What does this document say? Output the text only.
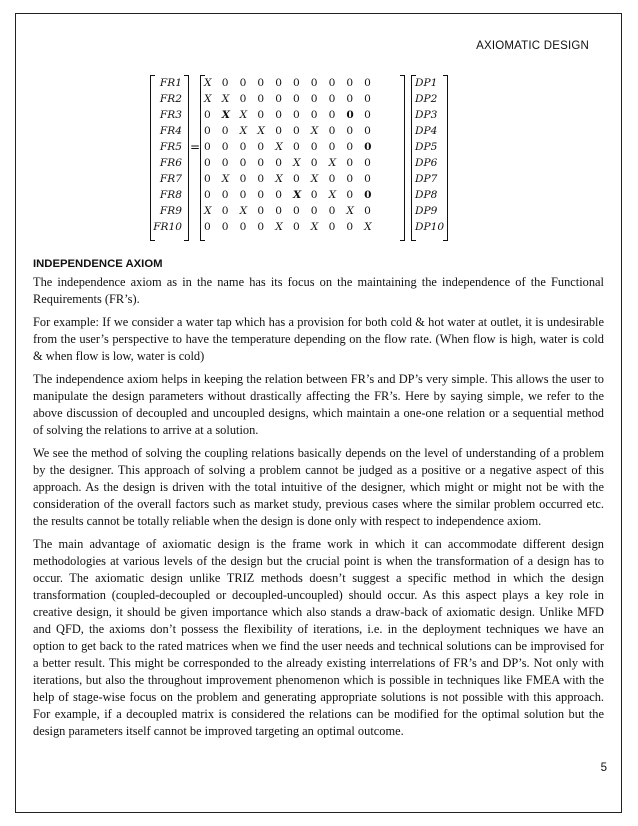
AXIOMATIC DESIGN
FR1
FR2
FR3
FR4
FR5
FR6
FR7
FR8
FR9
FR10
=
X 0 0 0 0 0 0 0 0 0
X X 0 0 0 0 0 0 0 0
0 X X 0 0 0 0 0 0 0
0 0 X X 0 0 X 0 0 0
0 0 0 0 X 0 0 0 0 0
0 0 0 0 0 X 0 X 0 0
0 X 0 0 X 0 X 0 0 0
0 0 0 0 0 X 0 X 0 0
X 0 X 0 0 0 0 0 X 0
0 0 0 0 X 0 X 0 0 X
DP1
DP2
DP3
DP4
DP5
DP6
DP7
DP8
DP9
DP10
INDEPENDENCE AXIOM

The independence axiom as in the name has its focus on the maintaining the independence of the Functional Requirements (FR’s).

For example: If we consider a water tap which has a provision for both cold & hot water at outlet, it is undesirable from the user’s perspective to have the temperature depending on the flow rate. (When flow is high, water is cold & when flow is low, water is cold)

The independence axiom helps in keeping the relation between FR’s and DP’s very simple. This allows the user to manipulate the design parameters without drastically affecting the FR’s. Here by saying simple, we refer to the above discussion of decoupled and uncoupled designs, which maintain a one-one relation or a sequential method of solving the relations to arrive at a solution.

We see the method of solving the coupling relations basically depends on the level of understanding of a problem by the designer. This approach of solving a problem cannot be judged as a positive or a negative aspect of this approach. As the design is driven with the total intuitive of the designer, which might or might not be with the consideration of the overall factors such as market study, previous cases where the similar problem occurred etc. the results cannot be totally reliable when the design is done only with respect to independence axiom.

The main advantage of axiomatic design is the frame work in which it can accommodate different design methodologies at various levels of the design but the crucial point is when the transformation of a design has to occur. The axiomatic design unlike TRIZ methods doesn’t suggest a specific method in which the design transformation (coupled-decoupled or decoupled-uncoupled) should occur. As this aspect plays a key role in creative design, it should be given importance which also stands a draw-back of axiomatic design. Unlike MFD and QFD, the axioms don’t possess the flexibility of iterations, i.e. in the deployment techniques we have an option to get back to the rated matrices when we find the user needs and technical solutions can be improvised for a better result. This might be corresponded to the already existing interrelations of FR’s and DP’s. Not only with iterations, but also the throughout improvement phenomenon which is possible in techniques like FMEA with the help of stage-wise focus on the problem and generating appropriate solutions is not possible with this approach. For example, if a decoupled matrix is considered the relations can be modified for the optimal solution but the design parameters itself cannot be improved targeting an optimal outcome.

5
